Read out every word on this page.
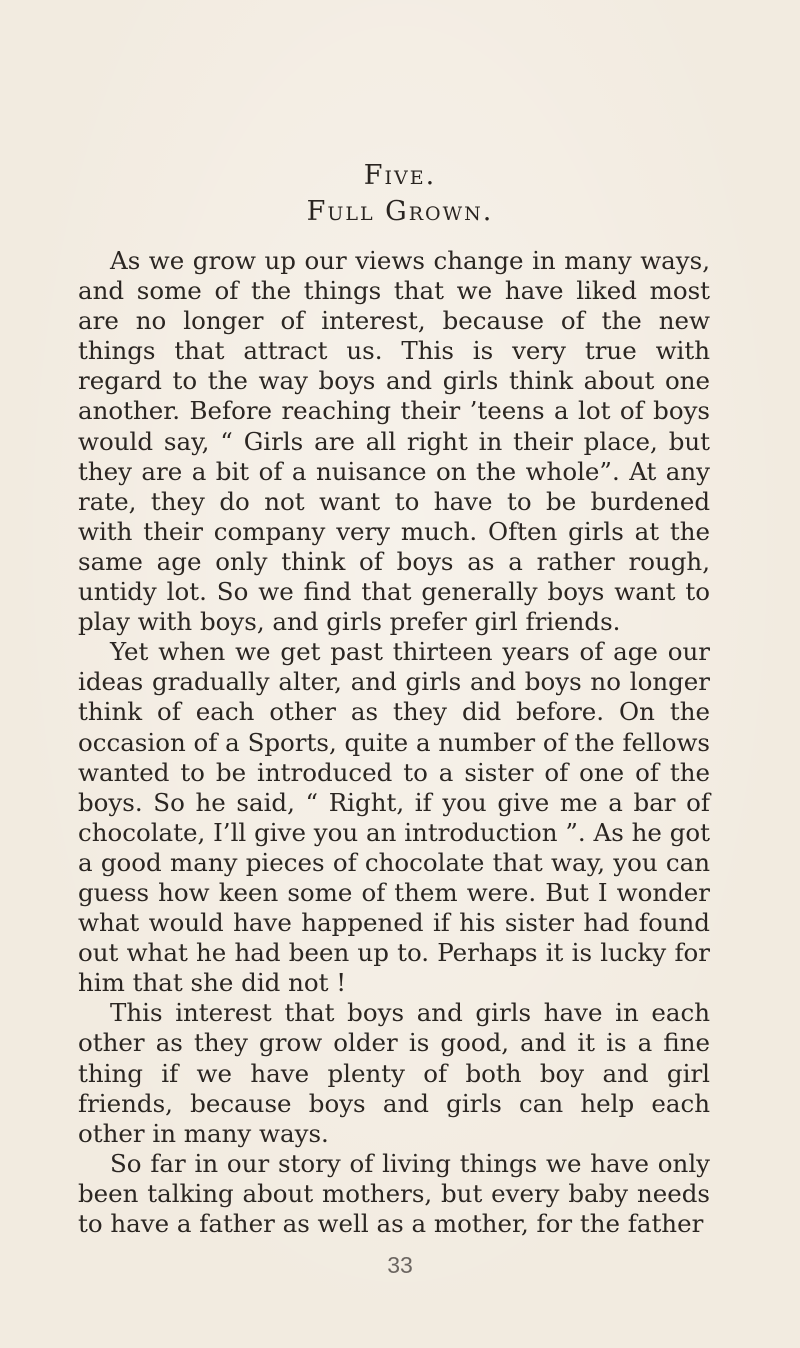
Five.
Full Grown.

As we grow up our views change in many ways, and some of the things that we have liked most are no longer of interest, because of the new things that attract us. This is very true with regard to the way boys and girls think about one another. Before reaching their ’teens a lot of boys would say, “ Girls are all right in their place, but they are a bit of a nuisance on the whole”. At any rate, they do not want to have to be burdened with their company very much. Often girls at the same age only think of boys as a rather rough, untidy lot. So we find that generally boys want to play with boys, and girls prefer girl friends.

Yet when we get past thirteen years of age our ideas gradually alter, and girls and boys no longer think of each other as they did before. On the occasion of a Sports, quite a number of the fellows wanted to be introduced to a sister of one of the boys. So he said, “ Right, if you give me a bar of chocolate, I’ll give you an introduction ”. As he got a good many pieces of chocolate that way, you can guess how keen some of them were. But I wonder what would have happened if his sister had found out what he had been up to. Perhaps it is lucky for him that she did not !

This interest that boys and girls have in each other as they grow older is good, and it is a fine thing if we have plenty of both boy and girl friends, because boys and girls can help each other in many ways.

So far in our story of living things we have only been talking about mothers, but every baby needs to have a father as well as a mother, for the father

33
